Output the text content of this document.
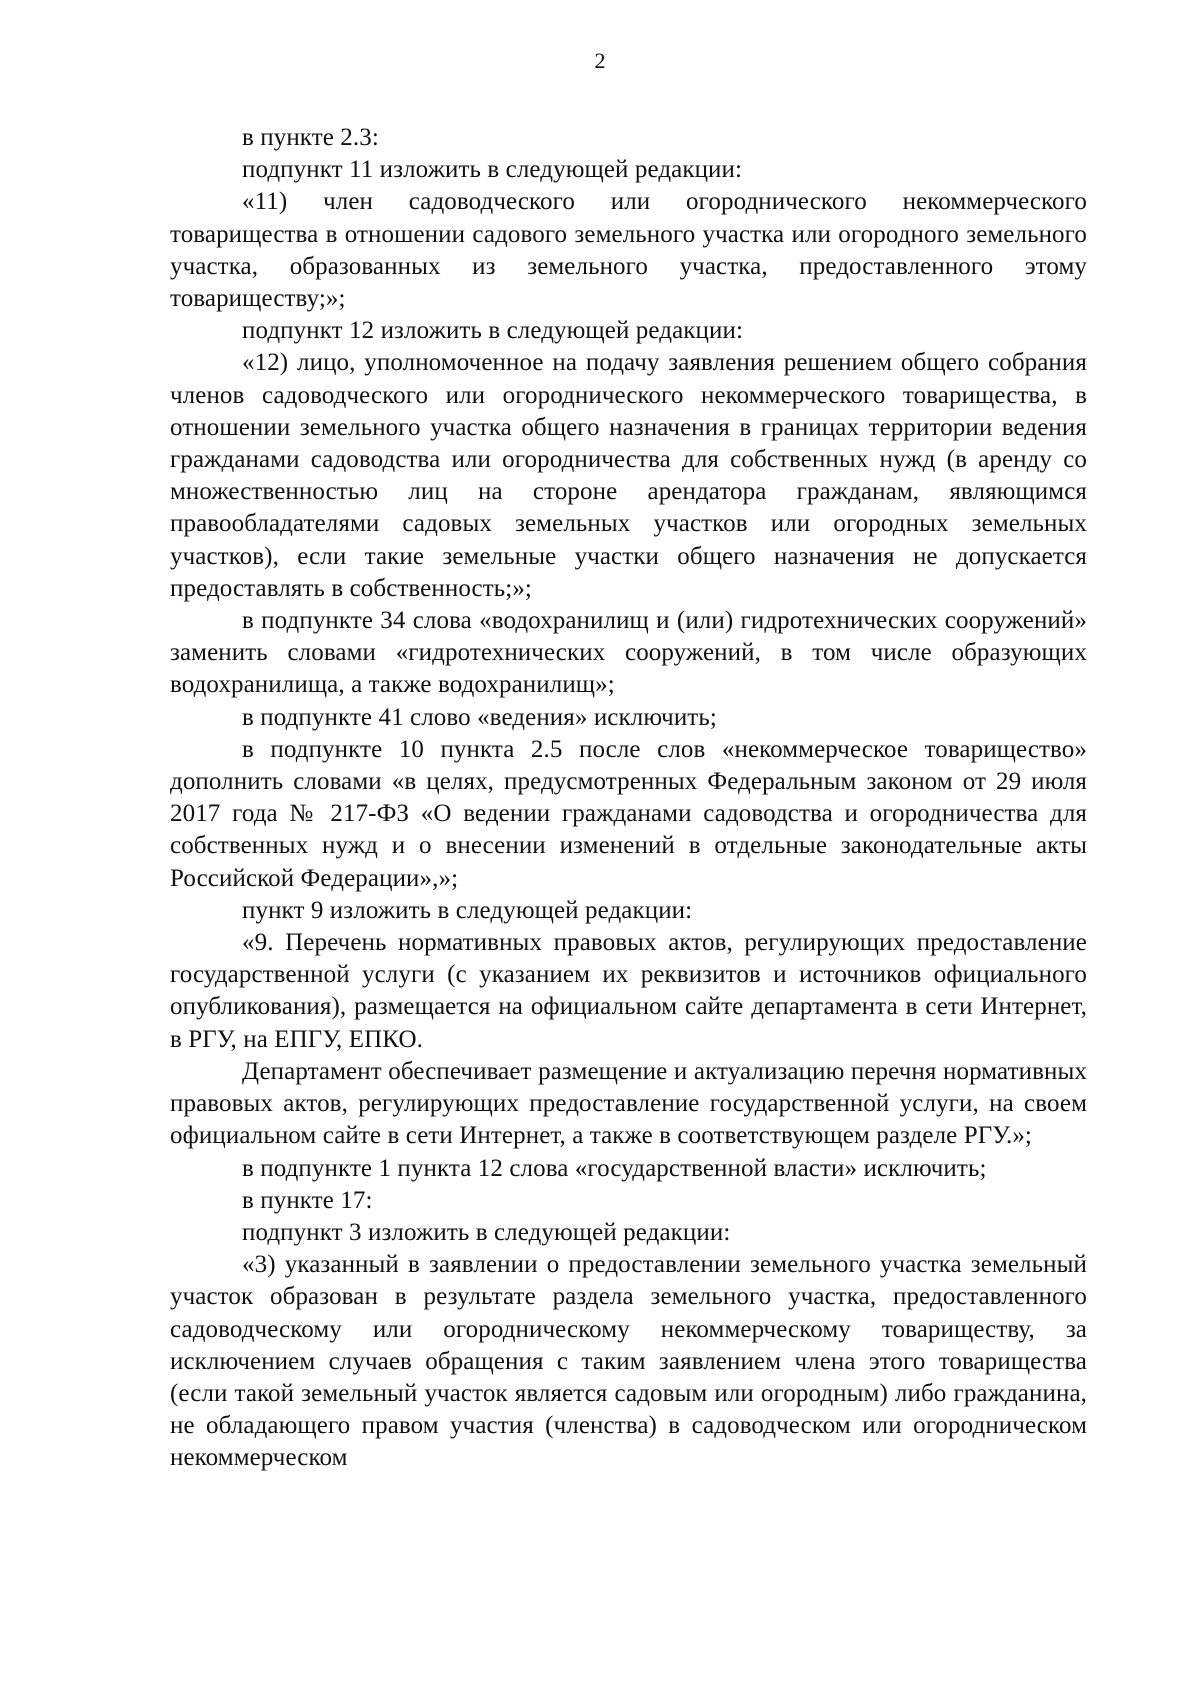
2

в пункте 2.3:

подпункт 11 изложить в следующей редакции:

«11) член садоводческого или огороднического некоммерческого товарищества в отношении садового земельного участка или огородного земельного участка, образованных из земельного участка, предоставленного этому товариществу;»;

подпункт 12 изложить в следующей редакции:

«12) лицо, уполномоченное на подачу заявления решением общего собрания членов садоводческого или огороднического некоммерческого товарищества, в отношении земельного участка общего назначения в границах территории ведения гражданами садоводства или огородничества для собственных нужд (в аренду со множественностью лиц на стороне арендатора гражданам, являющимся правообладателями садовых земельных участков или огородных земельных участков), если такие земельные участки общего назначения не допускается предоставлять в собственность;»;

в подпункте 34 слова «водохранилищ и (или) гидротехнических сооружений» заменить словами «гидротехнических сооружений, в том числе образующих водохранилища, а также водохранилищ»;

в подпункте 41 слово «ведения» исключить;

в подпункте 10 пункта 2.5 после слов «некоммерческое товарищество» дополнить словами «в целях, предусмотренных Федеральным законом от 29 июля 2017 года № 217-ФЗ «О ведении гражданами садоводства и огородничества для собственных нужд и о внесении изменений в отдельные законодательные акты Российской Федерации»,»;

пункт 9 изложить в следующей редакции:

«9. Перечень нормативных правовых актов, регулирующих предоставление государственной услуги (с указанием их реквизитов и источников официального опубликования), размещается на официальном сайте департамента в сети Интернет, в РГУ, на ЕПГУ, ЕПКО.

Департамент обеспечивает размещение и актуализацию перечня нормативных правовых актов, регулирующих предоставление государственной услуги, на своем официальном сайте в сети Интернет, а также в соответствующем разделе РГУ.»;

в подпункте 1 пункта 12 слова «государственной власти» исключить;

в пункте 17:

подпункт 3 изложить в следующей редакции:

«3) указанный в заявлении о предоставлении земельного участка земельный участок образован в результате раздела земельного участка, предоставленного садоводческому или огородническому некоммерческому товариществу, за исключением случаев обращения с таким заявлением члена этого товарищества (если такой земельный участок является садовым или огородным) либо гражданина, не обладающего правом участия (членства) в садоводческом или огородническом некоммерческом
